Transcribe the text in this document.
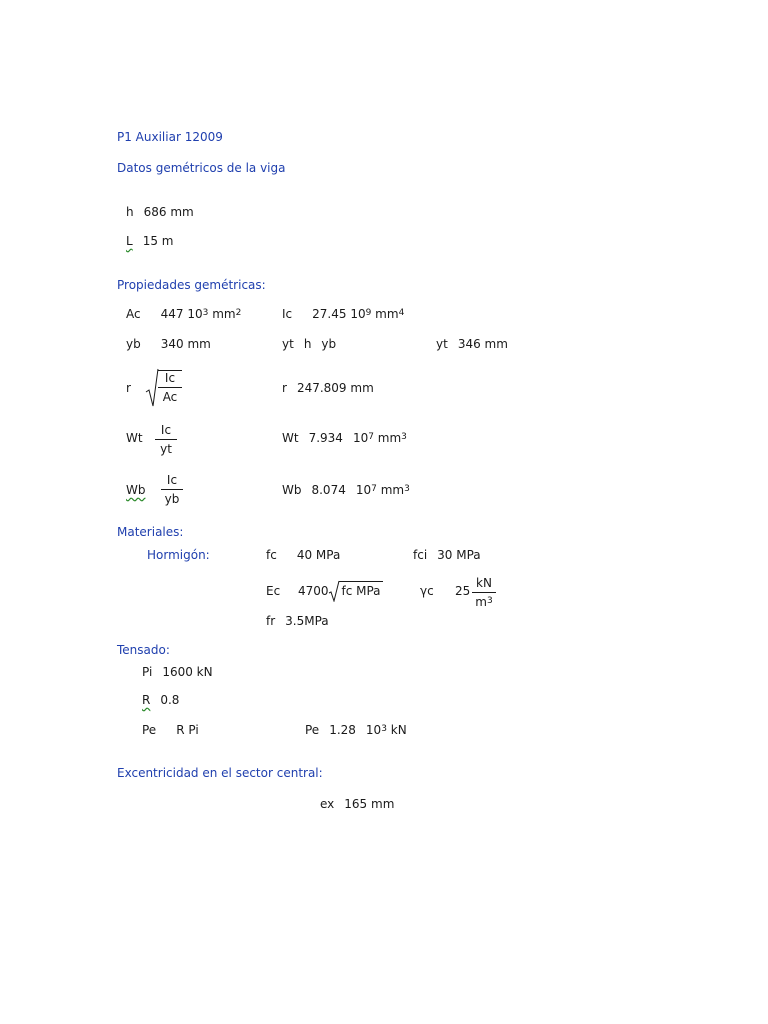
P1 Auxiliar 12009
Datos gemétricos de la viga
h 686 mm
L 15 m
Propiedades gemétricas:
Ac 447 $10^3$ $mm^2$	Ic 27.45 $10^9$ $mm^4$
yb 340 mm	yt h yb	yt 346 mm
r $\frac{Ic}{Ac}$	r 247.809 mm
Wt $\frac{Ic}{yt}$	Wt 7.934 $10^7$ $mm^3$
Wb $\frac{Ic}{yb}$	Wb 8.074 $10^7$ $mm^3$
Materiales:
Hormigón:	fc 40 MPa	fci 30 MPa
Ec 4700 fc MPa	γc $25 \frac{kN}{m^3}$
fr 3.5MPa
Tensado:
Pi 1600 kN
R 0.8
Pe R Pi	Pe 1.28 $10^3$ kN
Excentricidad en el sector central:
ex 165 mm
